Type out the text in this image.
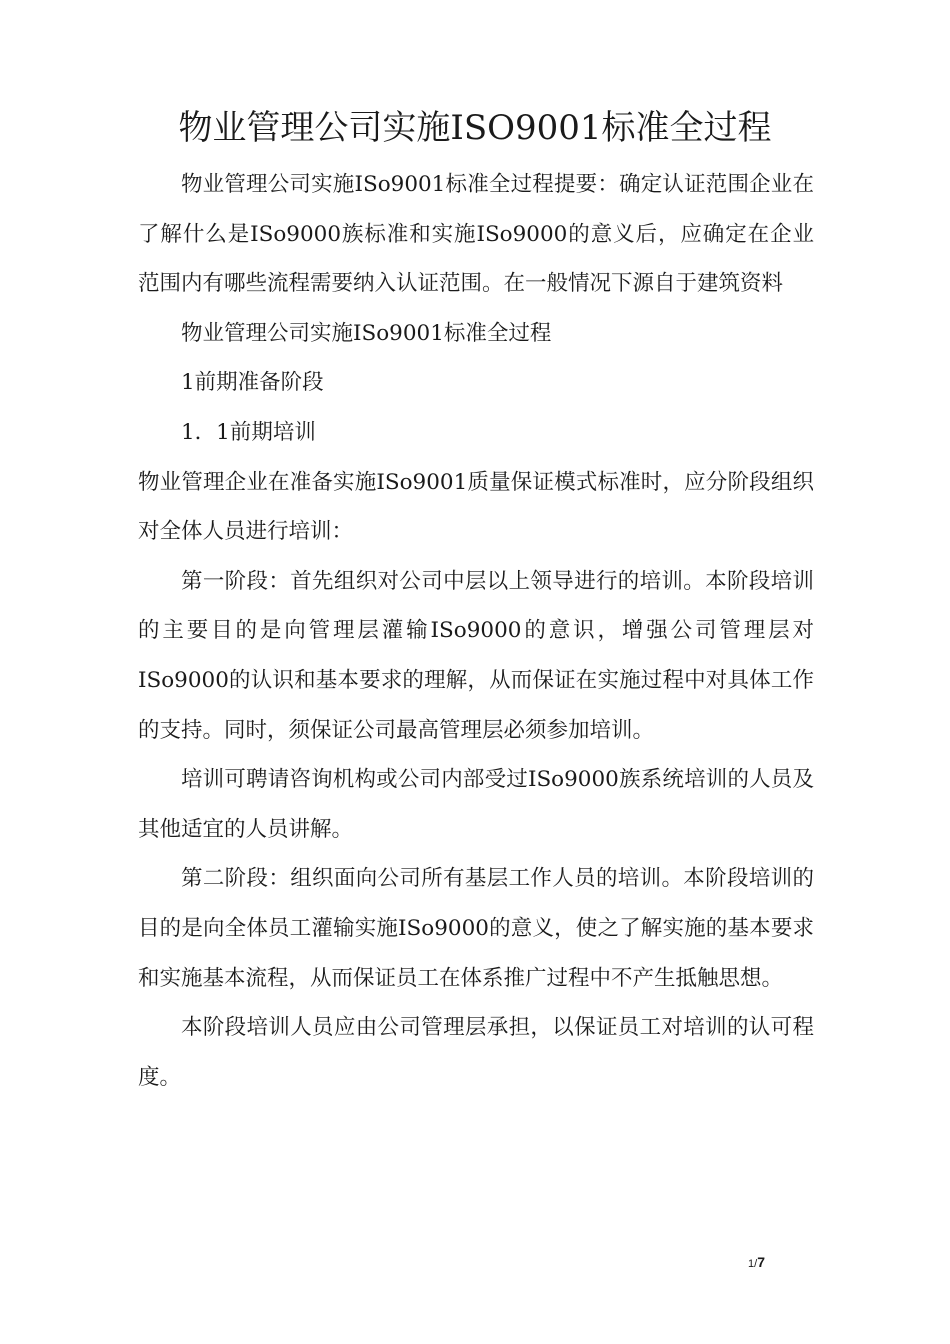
物业管理公司实施ISO9001标准全过程

物业管理公司实施ISo9001标准全过程提要：确定认证范围企业在了解什么是ISo9000族标准和实施ISo9000的意义后，应确定在企业范围内有哪些流程需要纳入认证范围。在一般情况下源自于建筑资料

物业管理公司实施ISo9001标准全过程

1前期准备阶段

1．1前期培训

物业管理企业在准备实施ISo9001质量保证模式标准时，应分阶段组织对全体人员进行培训：

第一阶段：首先组织对公司中层以上领导进行的培训。本阶段培训的主要目的是向管理层灌输ISo9000的意识，增强公司管理层对ISo9000的认识和基本要求的理解，从而保证在实施过程中对具体工作的支持。同时，须保证公司最高管理层必须参加培训。

培训可聘请咨询机构或公司内部受过ISo9000族系统培训的人员及其他适宜的人员讲解。

第二阶段：组织面向公司所有基层工作人员的培训。本阶段培训的目的是向全体员工灌输实施ISo9000的意义，使之了解实施的基本要求和实施基本流程，从而保证员工在体系推广过程中不产生抵触思想。

本阶段培训人员应由公司管理层承担，以保证员工对培训的认可程度。

1/7
